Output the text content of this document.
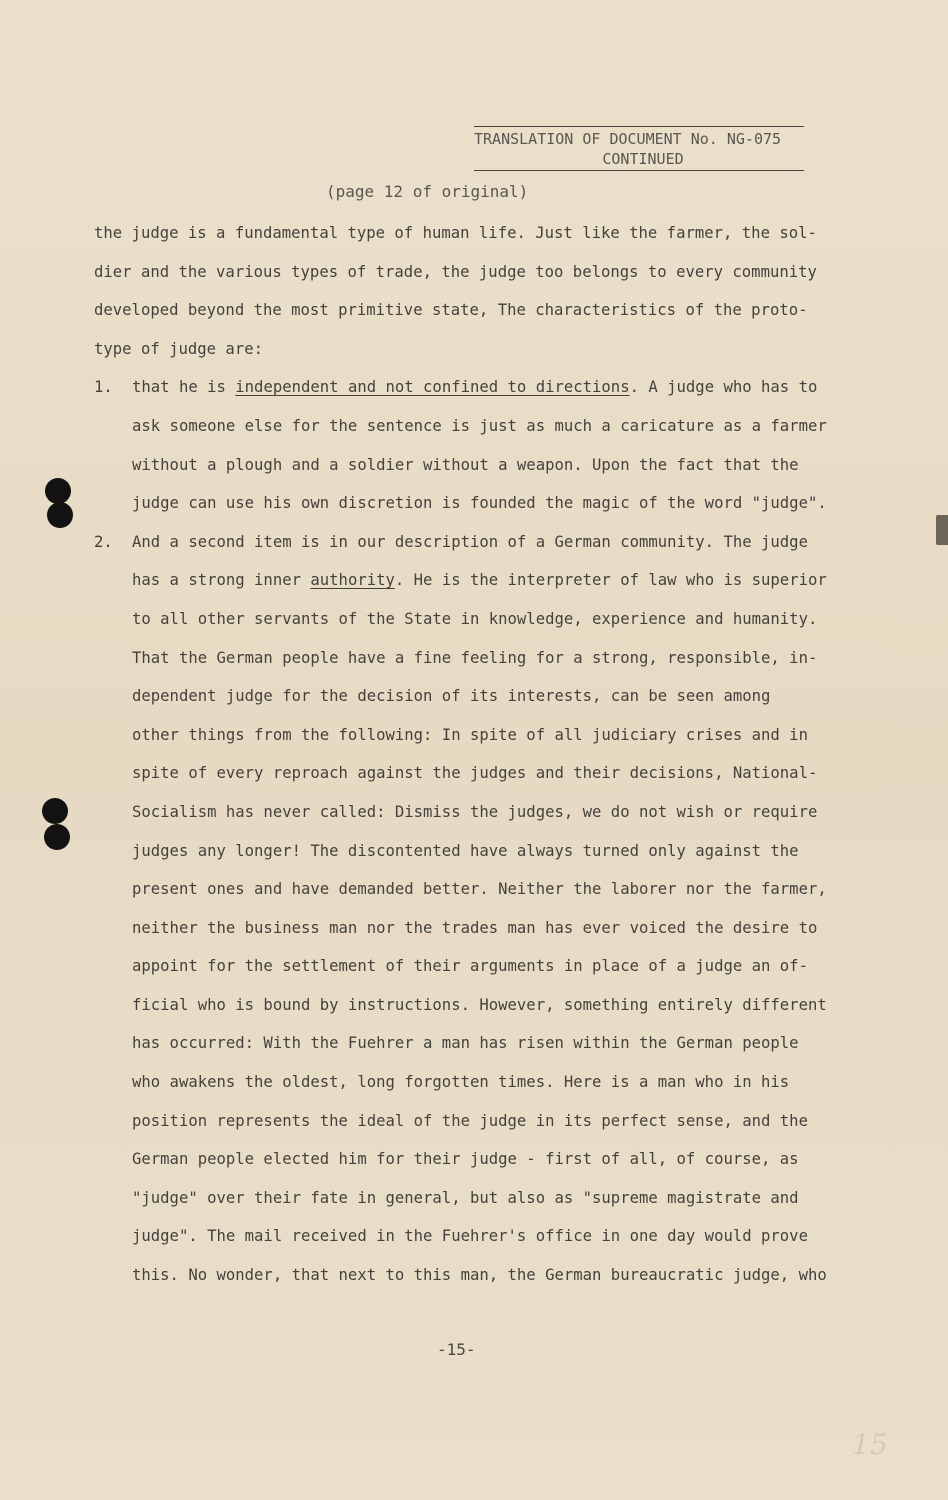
TRANSLATION OF DOCUMENT No. NG-075
CONTINUED
(page 12 of original)
the judge is a fundamental type of human life. Just like the farmer, the sol-
dier and the various types of trade, the judge too belongs to every community
developed beyond the most primitive state, The characteristics of the proto-
type of judge are:
1. that he is independent and not confined to directions. A judge who has to
ask someone else for the sentence is just as much a caricature as a farmer
without a plough and a soldier without a weapon. Upon the fact that the
judge can use his own discretion is founded the magic of the word "judge".
2. And a second item is in our description of a German community. The judge
has a strong inner authority. He is the interpreter of law who is superior
to all other servants of the State in knowledge, experience and humanity.
That the German people have a fine feeling for a strong, responsible, in-
dependent judge for the decision of its interests, can be seen among
other things from the following: In spite of all judiciary crises and in
spite of every reproach against the judges and their decisions, National-
Socialism has never called: Dismiss the judges, we do not wish or require
judges any longer! The discontented have always turned only against the
present ones and have demanded better. Neither the laborer nor the farmer,
neither the business man nor the trades man has ever voiced the desire to
appoint for the settlement of their arguments in place of a judge an of-
ficial who is bound by instructions. However, something entirely different
has occurred: With the Fuehrer a man has risen within the German people
who awakens the oldest, long forgotten times. Here is a man who in his
position represents the ideal of the judge in its perfect sense, and the
German people elected him for their judge - first of all, of course, as
"judge" over their fate in general, but also as "supreme magistrate and
judge". The mail received in the Fuehrer's office in one day would prove
this. No wonder, that next to this man, the German bureaucratic judge, who
-15-
15
